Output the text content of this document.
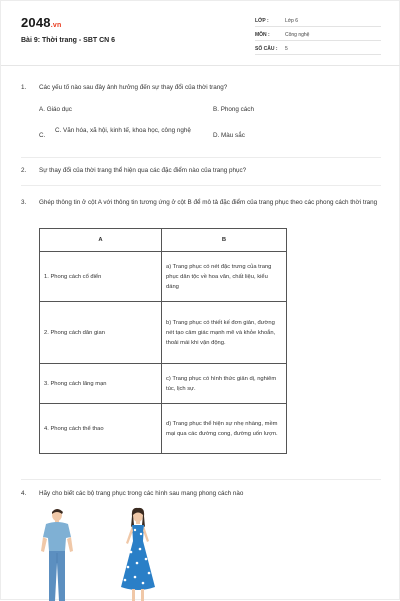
2048.vn
Bài 9: Thời trang - SBT CN 6
LỚP :	Lớp 6
MÔN :	Công nghệ
SỐ CÂU : 5
1. Các yếu tố nào sau đây ảnh hưởng đến sự thay đổi của thời trang?
A. Giáo dục	B. Phong cách
C.
C. Văn hóa, xã hội, kinh tế, khoa học, công nghệ
D. Màu sắc
2. Sự thay đổi của thời trang thể hiện qua các đặc điểm nào của trang phục?
3. Ghép thông tin ở cột A với thông tin tương ứng ở cột B để mô tả đặc điểm của trang phục theo các phong cách thời trang
A	B
1. Phong cách cổ điển	a) Trang phục có nét đặc trưng của trang phục dân tộc về hoa văn, chất liệu, kiểu dáng
2. Phong cách dân gian	b) Trang phục có thiết kế đơn giản, đường nét tạo cảm giác mạnh mẽ và khỏe khoắn, thoải mái khi vận động.
3. Phong cách lãng mạn	c) Trang phục có hình thức giản dị, nghiêm túc, lịch sự.
4. Phong cách thể thao	d) Trang phục thể hiện sự nhẹ nhàng, mềm mại qua các đường cong, đường uốn lượn.
4. Hãy cho biết các bộ trang phục trong các hình sau mang phong cách nào
